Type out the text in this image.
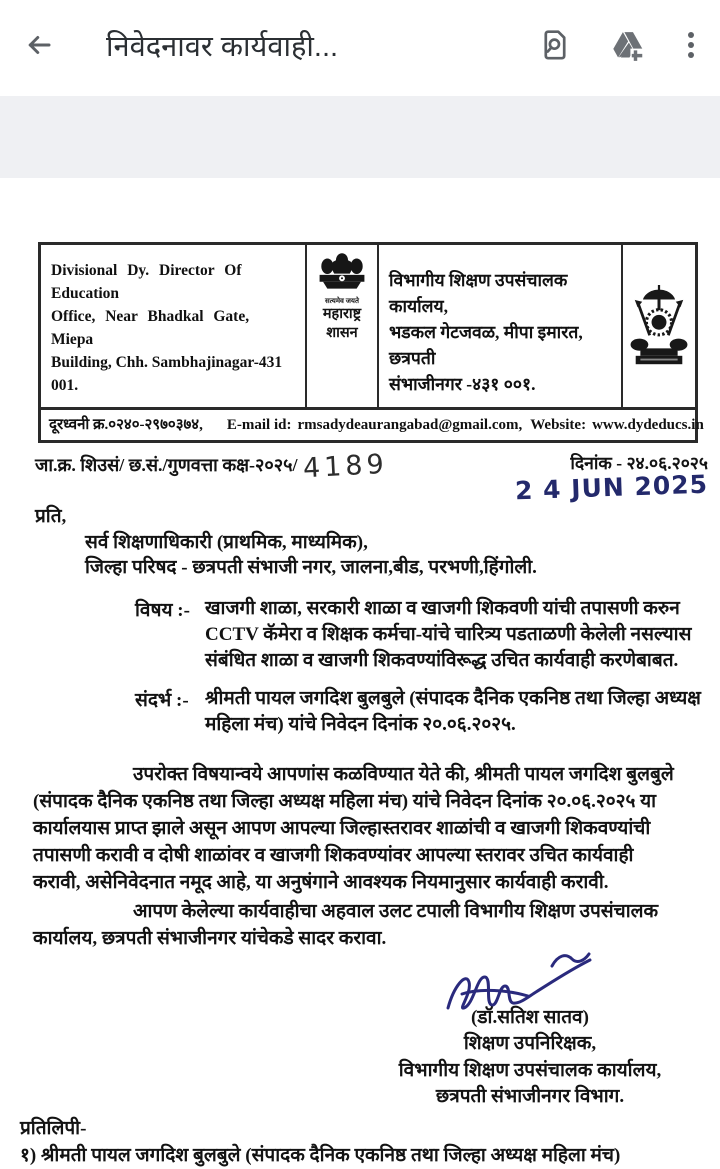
निवेदनावर कार्यवाही...
Divisional Dy. Director Of Education
Office, Near Bhadkal Gate, Miepa
Building, Chh. Sambhajinagar-431 001.
सत्यमेव जयते
महाराष्ट्र
शासन
विभागीय शिक्षण उपसंचालक कार्यालय,
भडकल गेटजवळ, मीपा इमारत, छत्रपती
संभाजीनगर -४३१ ००१.
दूरध्वनी क्र.०२४०-२९७०३७४, E-mail id: rmsadydeaurangabad@gmail.com, Website: www.dydeducs.in
जा.क्र. शिउसं/ छ.सं./गुणवत्ता कक्ष-२०२५/ 4189	दिनांक - २४.०६.२०२५
2 4 JUN 2025
प्रति,
सर्व शिक्षणाधिकारी (प्राथमिक, माध्यमिक),
जिल्हा परिषद - छत्रपती संभाजी नगर, जालना,बीड, परभणी,हिंगोली.
विषय :- खाजगी शाळा, सरकारी शाळा व खाजगी शिकवणी यांची तपासणी करुन
CCTV कॅमेरा व शिक्षक कर्मचा-यांचे चारित्र्य पडताळणी केलेली नसल्यास
संबंधित शाळा व खाजगी शिकवण्यांविरूद्ध उचित कार्यवाही करणेबाबत.
संदर्भ :- श्रीमती पायल जगदिश बुलबुले (संपादक दैनिक एकनिष्ठ तथा जिल्हा अध्यक्ष
महिला मंच) यांचे निवेदन दिनांक २०.०६.२०२५.
उपरोक्त विषयान्वये आपणांस कळविण्यात येते की, श्रीमती पायल जगदिश बुलबुले
(संपादक दैनिक एकनिष्ठ तथा जिल्हा अध्यक्ष महिला मंच) यांचे निवेदन दिनांक २०.०६.२०२५ या
कार्यालयास प्राप्त झाले असून आपण आपल्या जिल्हास्तरावर शाळांची व खाजगी शिकवण्यांची
तपासणी करावी व दोषी शाळांवर व खाजगी शिकवण्यांवर आपल्या स्तरावर उचित कार्यवाही
करावी, असेनिवेदनात नमूद आहे, या अनुषंगाने आवश्यक नियमानुसार कार्यवाही करावी.
आपण केलेल्या कार्यवाहीचा अहवाल उलट टपाली विभागीय शिक्षण उपसंचालक
कार्यालय, छत्रपती संभाजीनगर यांचेकडे सादर करावा.
(डॉ.सतिश सातव)
शिक्षण उपनिरिक्षक,
विभागीय शिक्षण उपसंचालक कार्यालय,
छत्रपती संभाजीनगर विभाग.
प्रतिलिपी-
१) श्रीमती पायल जगदिश बुलबुले (संपादक दैनिक एकनिष्ठ तथा जिल्हा अध्यक्ष महिला मंच)
